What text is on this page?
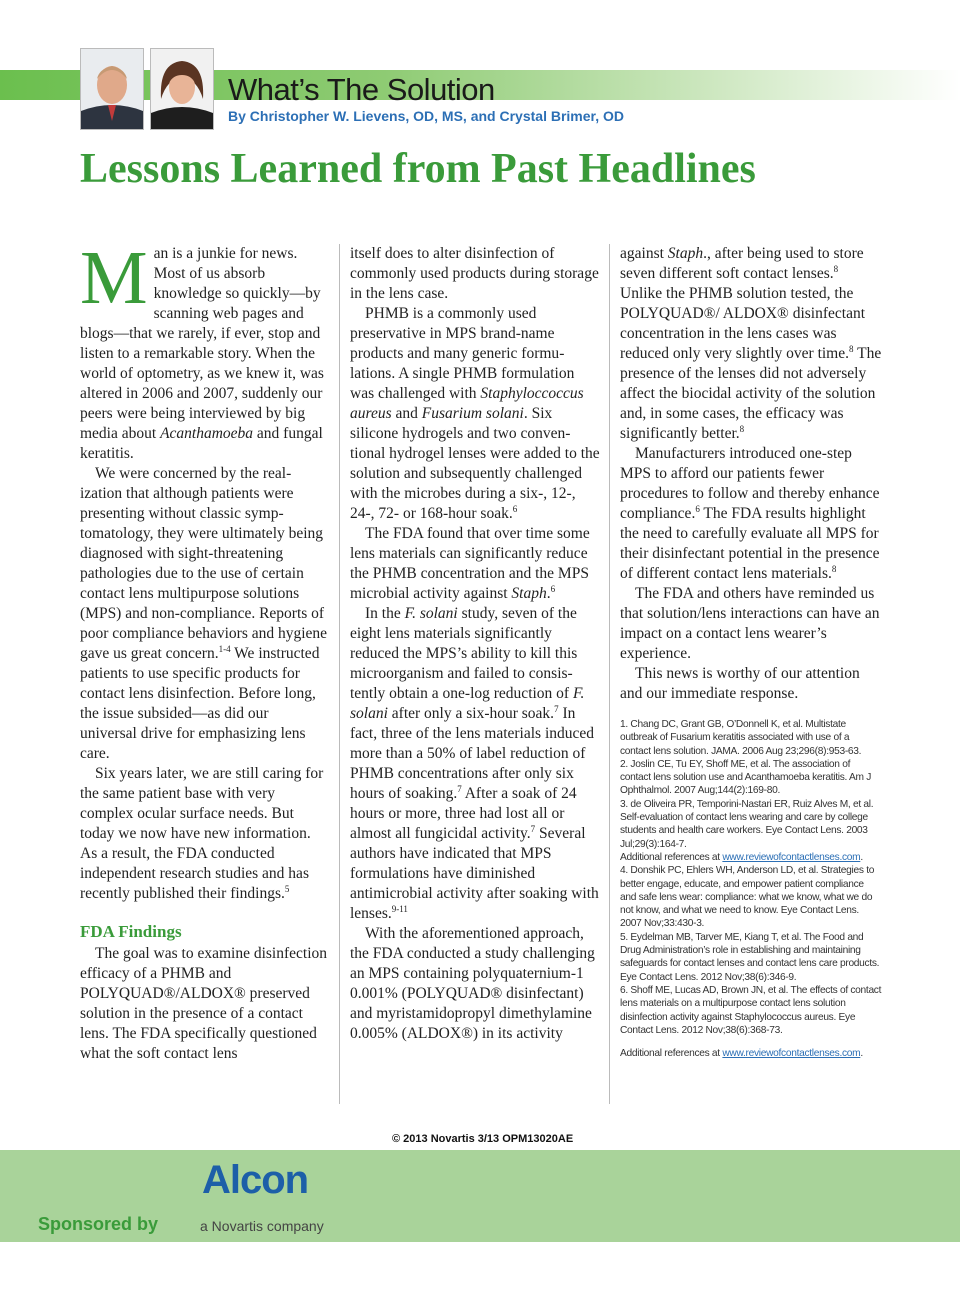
What’s The Solution
By Christopher W. Lievens, OD, MS, and Crystal Brimer, OD
Lessons Learned from Past Headlines

Man is a junkie for news. Most of us absorb knowledge so quickly—by scanning web pages and blogs—that we rarely, if ever, stop and listen to a remarkable story. When the world of optometry, as we knew it, was altered in 2006 and 2007, suddenly our peers were being interviewed by big media about Acanthamoeba and fungal keratitis.

We were concerned by the realization that although patients were presenting without classic symptomatology, they were ultimately being diagnosed with sight-threatening pathologies due to the use of certain contact lens multipurpose solutions (MPS) and non-compliance. Reports of poor compliance behaviors and hygiene gave us great concern.$^{1-4}$ We instructed patients to use specific products for contact lens disinfection. Before long, the issue subsided—as did our universal drive for emphasizing lens care.

Six years later, we are still caring for the same patient base with very complex ocular surface needs. But today we now have new information. As a result, the FDA conducted independent research studies and has recently published their findings.$^5$

FDA Findings

The goal was to examine disinfection efficacy of a PHMB and POLYQUAD®/ALDOX® preserved solution in the presence of a contact lens. The FDA specifically questioned what the soft contact lens

itself does to alter disinfection of commonly used products during storage in the lens case.

PHMB is a commonly used preservative in MPS brand-name products and many generic formulations. A single PHMB formulation was challenged with Staphyloccoccus aureus and Fusarium solani. Six silicone hydrogels and two conventional hydrogel lenses were added to the solution and subsequently challenged with the microbes during a six-, 12-, 24-, 72- or 168-hour soak.$^6$

The FDA found that over time some lens materials can significantly reduce the PHMB concentration and the MPS microbial activity against Staph.$^6$

In the F. solani study, seven of the eight lens materials significantly reduced the MPS’s ability to kill this microorganism and failed to consistently obtain a one-log reduction of F. solani after only a six-hour soak.$^7$ In fact, three of the lens materials induced more than a 50% of label reduction of PHMB concentrations after only six hours of soaking.$^7$ After a soak of 24 hours or more, three had lost all or almost all fungicidal activity.$^7$ Several authors have indicated that MPS formulations have diminished antimicrobial activity after soaking with lenses.$^{9-11}$

With the aforementioned approach, the FDA conducted a study challenging an MPS containing polyquaternium-1 0.001% (POLYQUAD® disinfectant) and myristamidopropyl dimethylamine 0.005% (ALDOX®) in its activity

against Staph., after being used to store seven different soft contact lenses.$^8$ Unlike the PHMB solution tested, the POLYQUAD®/ ALDOX® disinfectant concentration in the lens cases was reduced only very slightly over time.$^8$ The presence of the lenses did not adversely affect the biocidal activity of the solution and, in some cases, the efficacy was significantly better.$^8$

Manufacturers introduced one-step MPS to afford our patients fewer procedures to follow and thereby enhance compliance.$^6$ The FDA results highlight the need to carefully evaluate all MPS for their disinfectant potential in the presence of different contact lens materials.$^8$

The FDA and others have reminded us that solution/lens interactions can have an impact on a contact lens wearer’s experience.

This news is worthy of our attention and our immediate response.

1. Chang DC, Grant GB, O’Donnell K, et al. Multistate outbreak of Fusarium keratitis associated with use of a contact lens solution. JAMA. 2006 Aug 23;296(8):953-63.
2. Joslin CE, Tu EY, Shoff ME, et al. The association of contact lens solution use and Acanthamoeba keratitis. Am J Ophthalmol. 2007 Aug;144(2):169-80.
3. de Oliveira PR, Temporini-Nastari ER, Ruiz Alves M, et al. Self-evaluation of contact lens wearing and care by college students and health care workers. Eye Contact Lens. 2003 Jul;29(3):164-7.
Additional references at www.reviewofcontactlenses.com.
4. Donshik PC, Ehlers WH, Anderson LD, et al. Strategies to better engage, educate, and empower patient compliance and safe lens wear: compliance: what we know, what we do not know, and what we need to know. Eye Contact Lens. 2007 Nov;33:430-3.
5. Eydelman MB, Tarver ME, Kiang T, et al. The Food and Drug Administration’s role in establishing and maintaining safeguards for contact lenses and contact lens care products. Eye Contact Lens. 2012 Nov;38(6):346-9.
6. Shoff ME, Lucas AD, Brown JN, et al. The effects of contact lens materials on a multipurpose contact lens solution disinfection activity against Staphylococcus aureus. Eye Contact Lens. 2012 Nov;38(6):368-73.
Additional references at www.reviewofcontactlenses.com.
© 2013 Novartis 3/13 OPM13020AE
Sponsored by
Alcon
a Novartis company
